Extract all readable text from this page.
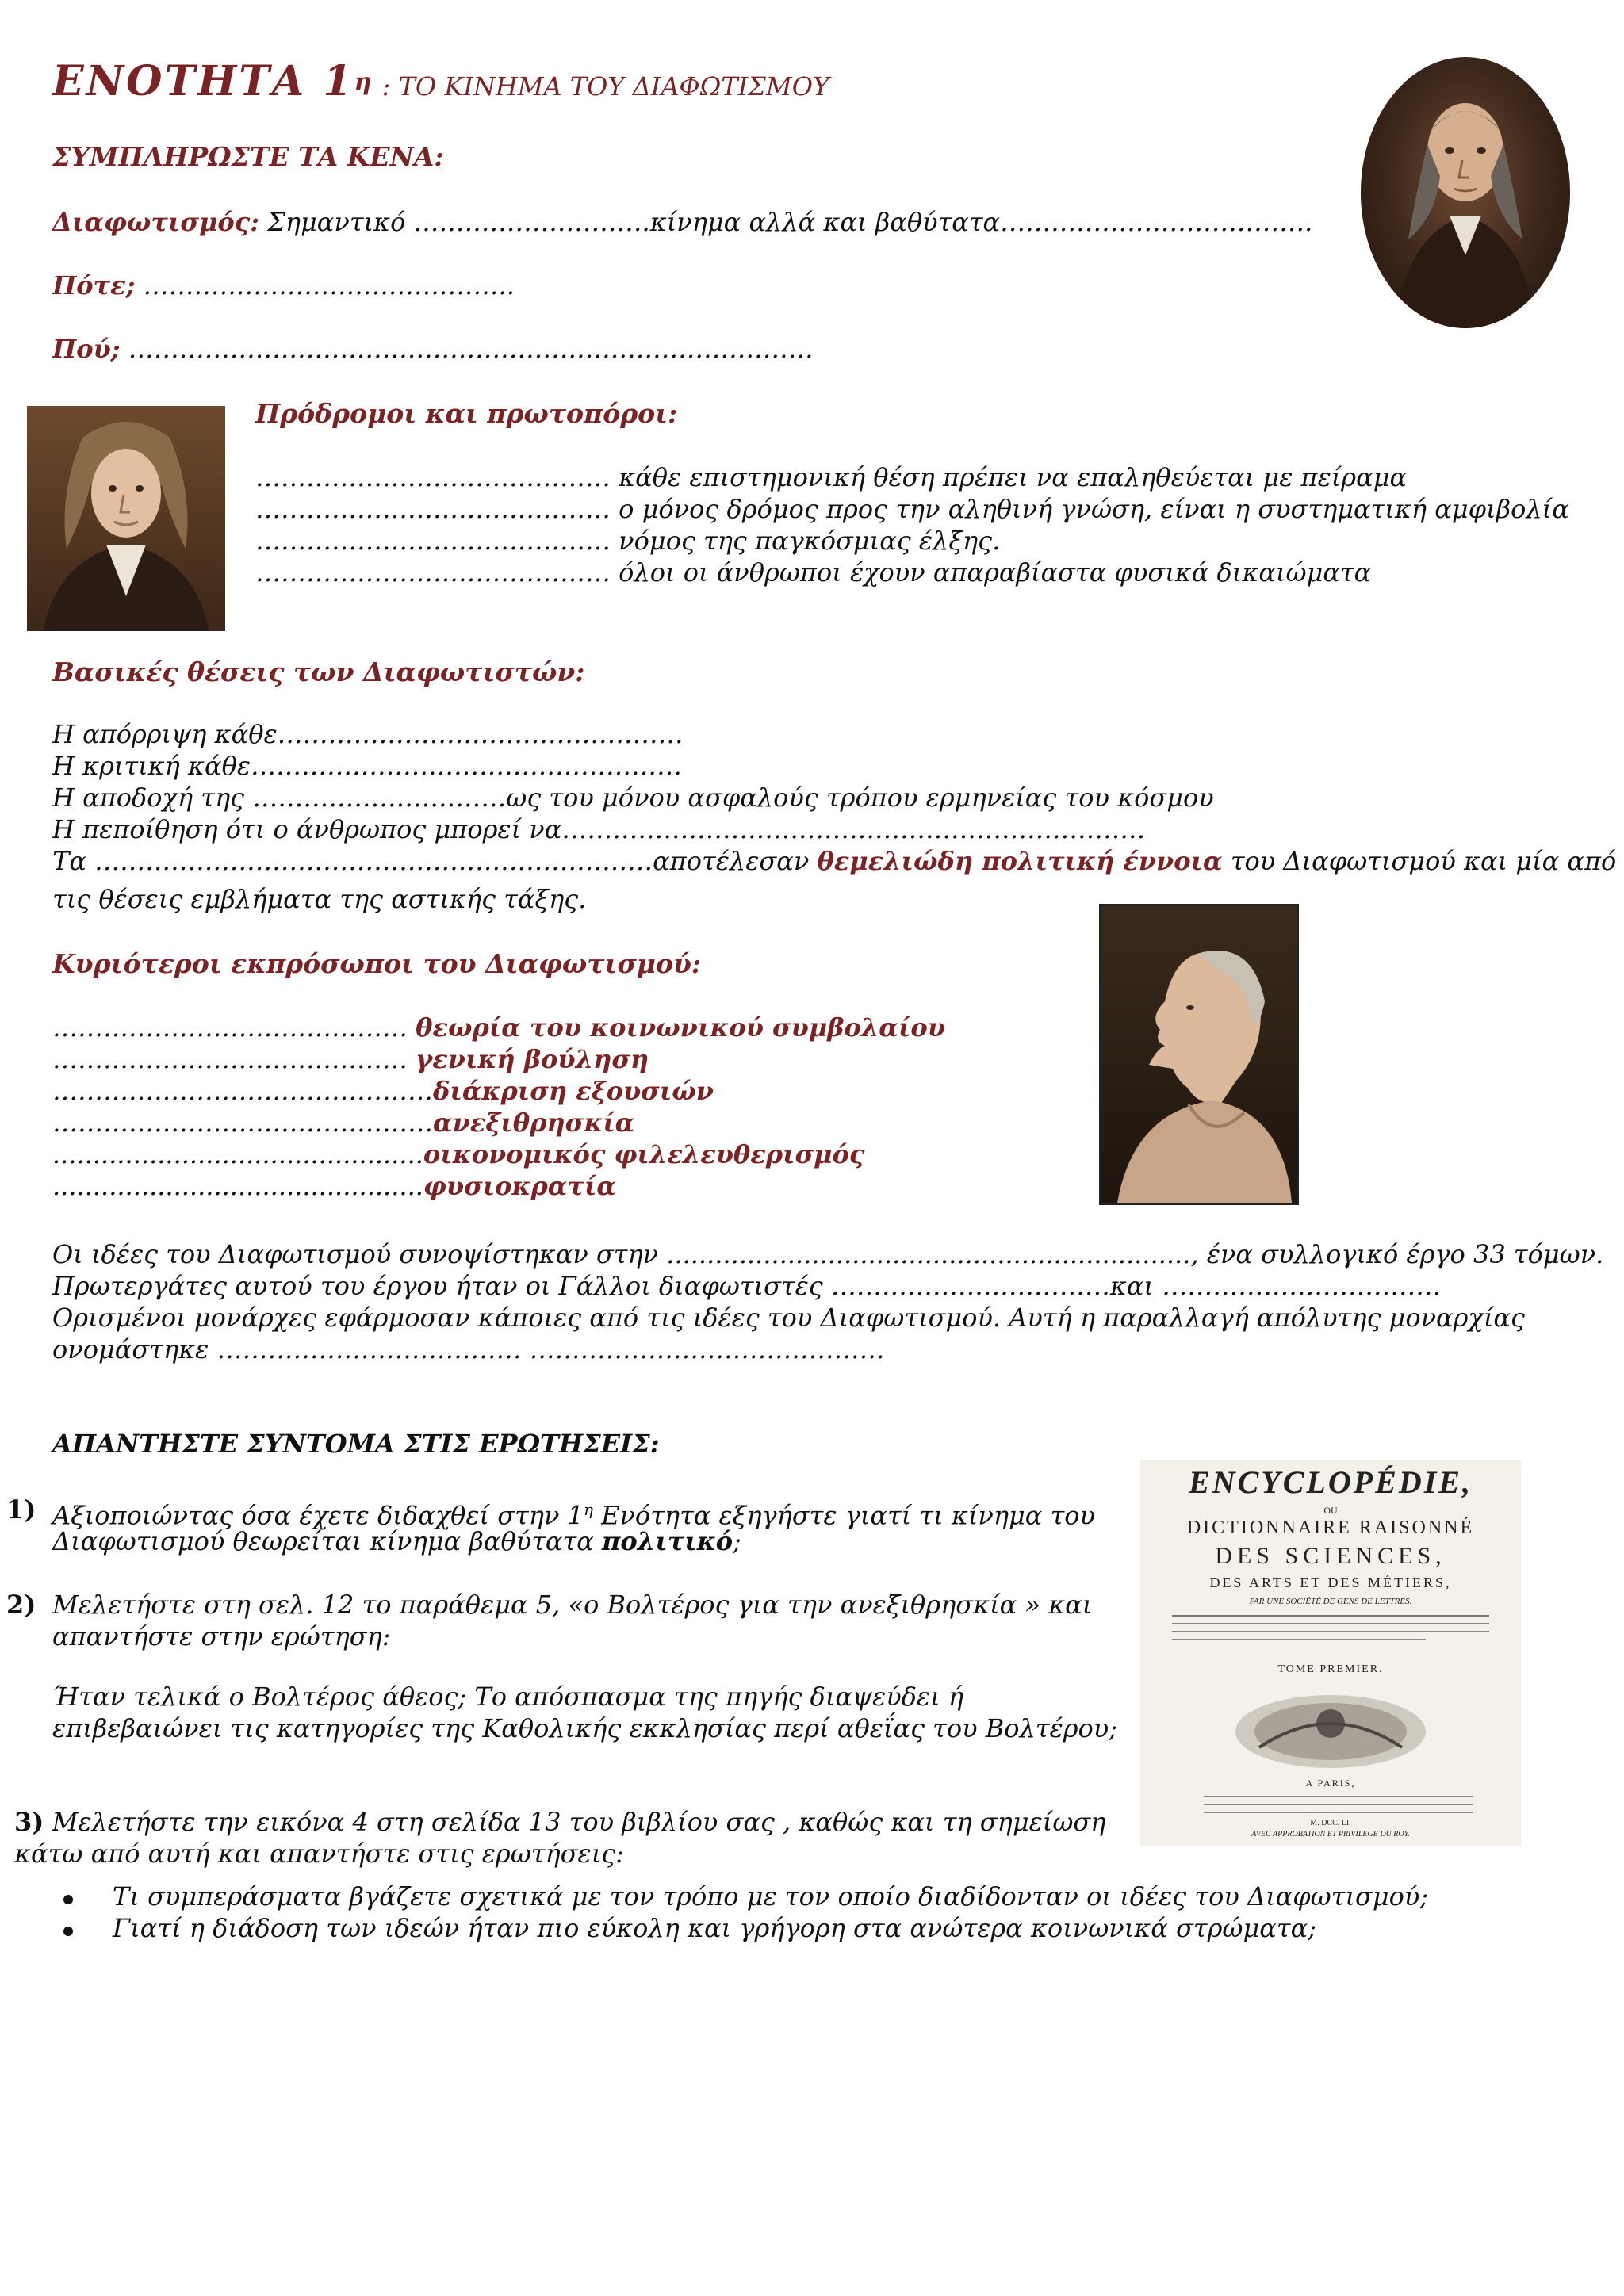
ΕΝΟΤΗΤΑ 1η : ΤΟ ΚΙΝΗΜΑ ΤΟΥ ΔΙΑΦΩΤΙΣΜΟΥ
ΣΥΜΠΛΗΡΩΣΤΕ ΤΑ ΚΕΝΑ:
Διαφωτισμός: Σημαντικό ……………………….κίνημα αλλά και βαθύτατα……………………………….
Πότε; ……………………………………..
Πού; ………………………………………………………………………
Πρόδρομοι και πρωτοπόροι:
…………………………………… κάθε επιστημονική θέση πρέπει να επαληθεύεται με πείραμα
…………………………………… ο μόνος δρόμος προς την αληθινή γνώση, είναι η συστηματική αμφιβολία
…………………………………… νόμος της παγκόσμιας έλξης.
…………………………………… όλοι οι άνθρωποι έχουν απαραβίαστα φυσικά δικαιώματα
Βασικές θέσεις των Διαφωτιστών:
Η απόρριψη κάθε…………………………………………
Η κριτική κάθε……………………………………………
Η αποδοχή της …………………………ως του μόνου ασφαλούς τρόπου ερμηνείας του κόσμου
Η πεποίθηση ότι ο άνθρωπος μπορεί να……………………………………………………………
Τα …………………………………………………………αποτέλεσαν θεμελιώδη πολιτική έννοια του Διαφωτισμού και μία από
τις θέσεις εμβλήματα της αστικής τάξης.
Κυριότεροι εκπρόσωποι του Διαφωτισμού:
…………………………………… θεωρία του κοινωνικού συμβολαίου
…………………………………… γενική βούληση
………………………………………διάκριση εξουσιών
………………………………………ανεξιθρησκία
..............................................οικονομικός φιλελευθερισμός
..............................................φυσιοκρατία
Οι ιδέες του Διαφωτισμού συνοψίστηκαν στην ................................................................., ένα συλλογικό έργο 33 τόμων.
Πρωτεργάτες αυτού του έργου ήταν οι Γάλλοι διαφωτιστές ……………………………και ……………………………
Ορισμένοι μονάρχες εφάρμοσαν κάποιες από τις ιδέες του Διαφωτισμού. Αυτή η παραλλαγή απόλυτης μοναρχίας
ονομάστηκε ……………………………… ……………………………………
ΑΠΑΝΤΗΣΤΕ ΣΥΝΤΟΜΑ ΣΤΙΣ ΕΡΩΤΗΣΕΙΣ:
1) Αξιοποιώντας όσα έχετε διδαχθεί στην $1^\eta$ Ενότητα εξηγήστε γιατί τι κίνημα του
Διαφωτισμού θεωρείται κίνημα βαθύτατα πολιτικό;
2) Μελετήστε στη σελ. 12 το παράθεμα 5, «ο Βολτέρος για την ανεξιθρησκία » και
απαντήστε στην ερώτηση:
Ήταν τελικά ο Βολτέρος άθεος; Το απόσπασμα της πηγής διαψεύδει ή
επιβεβαιώνει τις κατηγορίες της Καθολικής εκκλησίας περί αθεΐας του Βολτέρου;
3) Μελετήστε την εικόνα 4 στη σελίδα 13 του βιβλίου σας , καθώς και τη σημείωση
κάτω από αυτή και απαντήστε στις ερωτήσεις:
Τι συμπεράσματα βγάζετε σχετικά με τον τρόπο με τον οποίο διαδίδονταν οι ιδέες του Διαφωτισμού;
Γιατί η διάδοση των ιδεών ήταν πιο εύκολη και γρήγορη στα ανώτερα κοινωνικά στρώματα;
ENCYCLOPÉDIE,
OU
DICTIONNAIRE RAISONNÉ
DES SCIENCES,
DES ARTS ET DES MÉTIERS,
PAR UNE SOCIÉTÉ DE GENS DE LETTRES.
TOME PREMIER.
A PARIS,
M. DCC. LI.
AVEC APPROBATION ET PRIVILEGE DU ROY.
